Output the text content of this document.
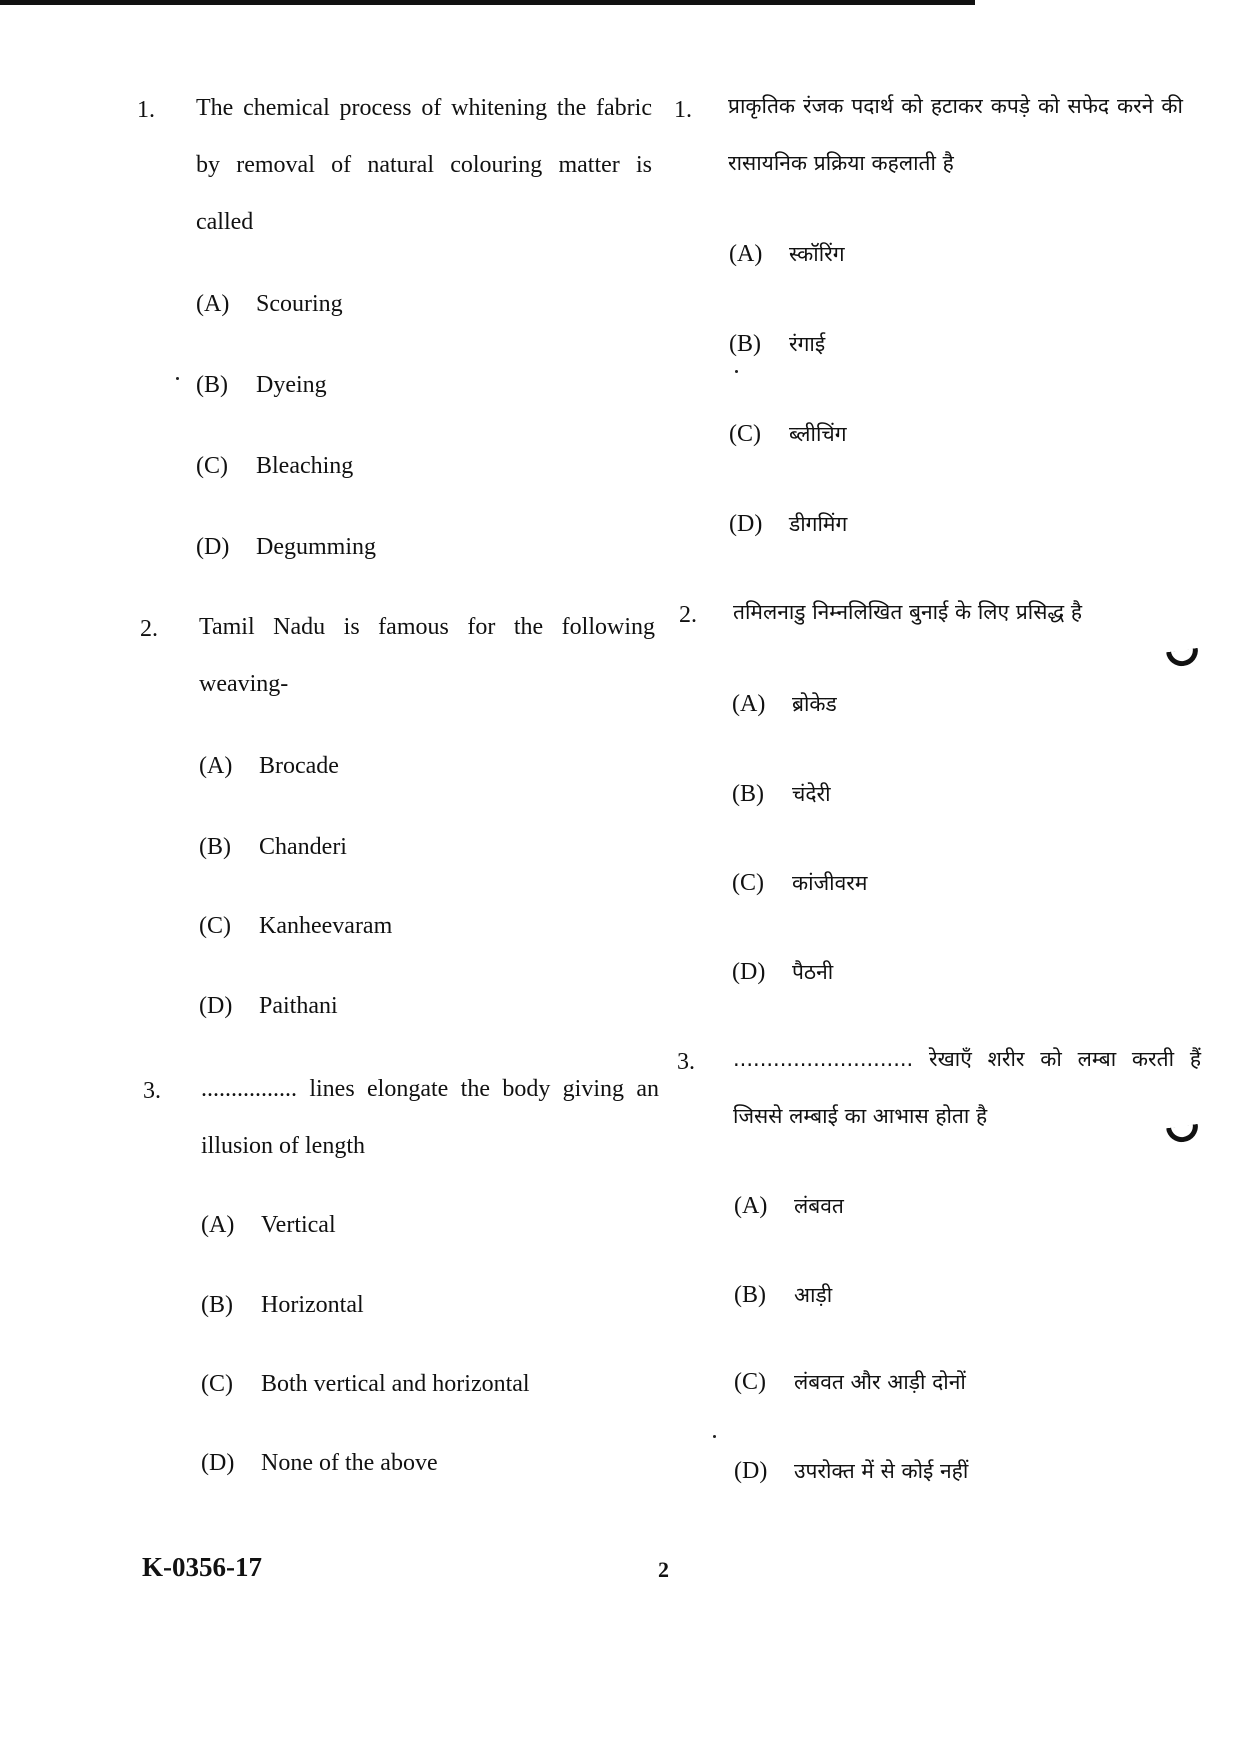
1. The chemical process of whitening the fabric by removal of natural colouring matter is called
(A) Scouring
(B) Dyeing
(C) Bleaching
(D) Degumming
2. Tamil Nadu is famous for the following weaving-
(A) Brocade
(B) Chanderi
(C) Kanheevaram
(D) Paithani
3. ................ lines elongate the body giving an illusion of length
(A) Vertical
(B) Horizontal
(C) Both vertical and horizontal
(D) None of the above
1. प्राकृतिक रंजक पदार्थ को हटाकर कपड़े को सफेद करने की रासायनिक प्रक्रिया कहलाती है
(A) स्कॉरिंग
(B) रंगाई
(C) ब्लीचिंग
(D) डीगमिंग
2. तमिलनाडु निम्नलिखित बुनाई के लिए प्रसिद्ध है
(A) ब्रोकेड
(B) चंदेरी
(C) कांजीवरम
(D) पैठनी
3. ........................... रेखाएँ शरीर को लम्बा करती हैं जिससे लम्बाई का आभास होता है
(A) लंबवत
(B) आड़ी
(C) लंबवत और आड़ी दोनों
(D) उपरोक्त में से कोई नहीं
K-0356-17	2
